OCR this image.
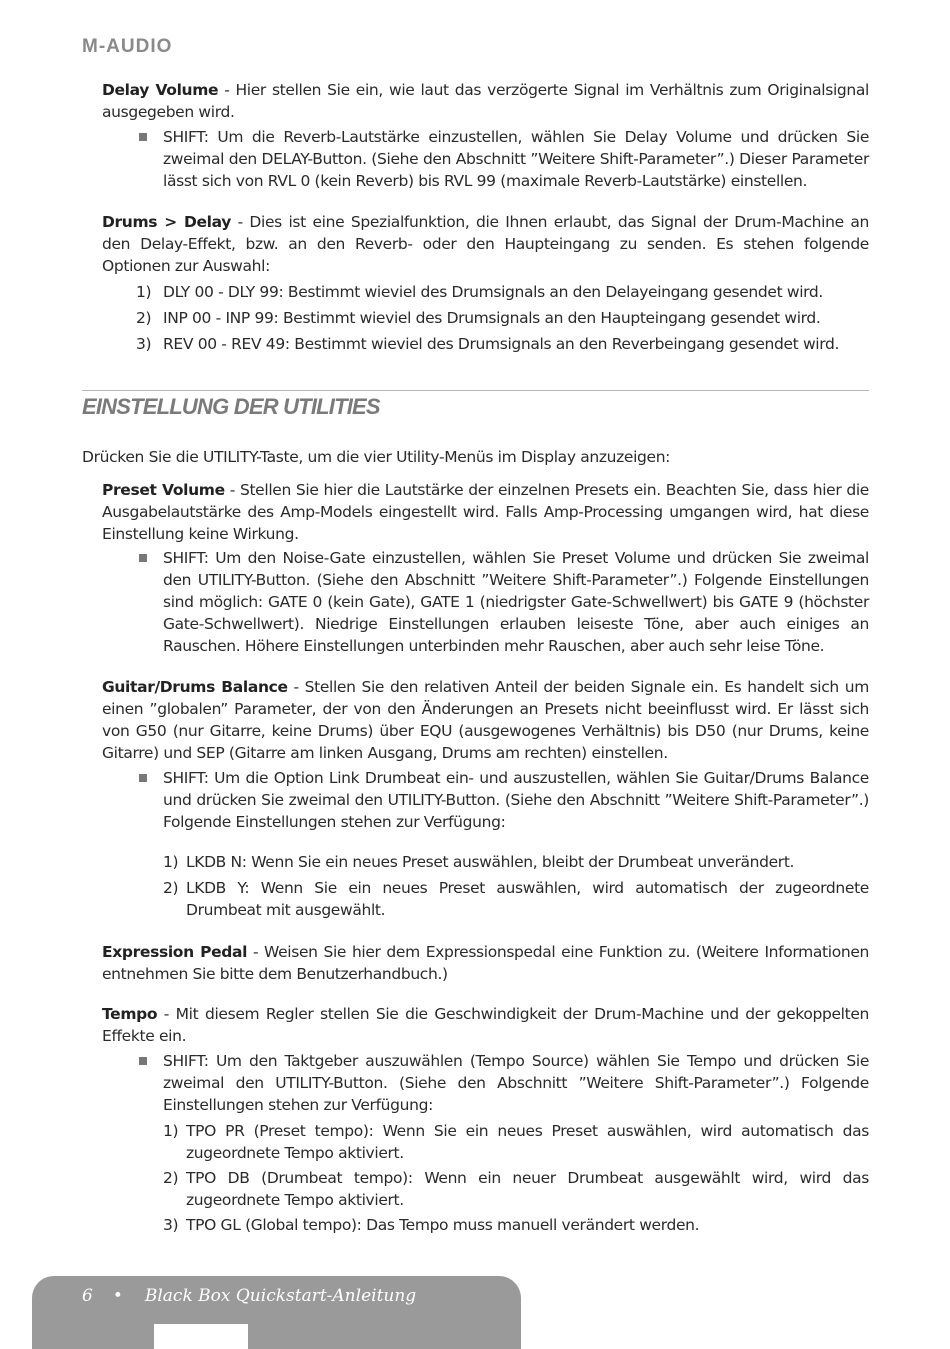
M-AUDIO

Delay Volume - Hier stellen Sie ein, wie laut das verzögerte Signal im Verhältnis zum Originalsignal ausgegeben wird.

SHIFT: Um die Reverb-Lautstärke einzustellen, wählen Sie Delay Volume und drücken Sie zweimal den DELAY-Button. (Siehe den Abschnitt ”Weitere Shift-Parameter”.) Dieser Parameter lässt sich von RVL 0 (kein Reverb) bis RVL 99 (maximale Reverb-Lautstärke) einstellen.

Drums > Delay - Dies ist eine Spezialfunktion, die Ihnen erlaubt, das Signal der Drum-Machine an den Delay-Effekt, bzw. an den Reverb- oder den Haupteingang zu senden. Es stehen folgende Optionen zur Auswahl:

1) DLY 00 - DLY 99: Bestimmt wieviel des Drumsignals an den Delayeingang gesendet wird.

2) INP 00 - INP 99: Bestimmt wieviel des Drumsignals an den Haupteingang gesendet wird.

3) REV 00 - REV 49: Bestimmt wieviel des Drumsignals an den Reverbeingang gesendet wird.

EINSTELLUNG DER UTILITIES

Drücken Sie die UTILITY-Taste, um die vier Utility-Menüs im Display anzuzeigen:

Preset Volume - Stellen Sie hier die Lautstärke der einzelnen Presets ein. Beachten Sie, dass hier die Ausgabelautstärke des Amp-Models eingestellt wird. Falls Amp-Processing umgangen wird, hat diese Einstellung keine Wirkung.

SHIFT: Um den Noise-Gate einzustellen, wählen Sie Preset Volume und drücken Sie zweimal den UTILITY-Button. (Siehe den Abschnitt ”Weitere Shift-Parameter”.) Folgende Einstellungen sind möglich: GATE 0 (kein Gate), GATE 1 (niedrigster Gate-Schwellwert) bis GATE 9 (höchster Gate-Schwellwert). Niedrige Einstellungen erlauben leiseste Töne, aber auch einiges an Rauschen. Höhere Einstellungen unterbinden mehr Rauschen, aber auch sehr leise Töne.

Guitar/Drums Balance - Stellen Sie den relativen Anteil der beiden Signale ein. Es handelt sich um einen ”globalen” Parameter, der von den Änderungen an Presets nicht beeinflusst wird. Er lässt sich von G50 (nur Gitarre, keine Drums) über EQU (ausgewogenes Verhältnis) bis D50 (nur Drums, keine Gitarre) und SEP (Gitarre am linken Ausgang, Drums am rechten) einstellen.

SHIFT: Um die Option Link Drumbeat ein- und auszustellen, wählen Sie Guitar/Drums Balance und drücken Sie zweimal den UTILITY-Button. (Siehe den Abschnitt ”Weitere Shift-Parameter”.) Folgende Einstellungen stehen zur Verfügung:

1) LKDB N: Wenn Sie ein neues Preset auswählen, bleibt der Drumbeat unverändert.

2) LKDB Y: Wenn Sie ein neues Preset auswählen, wird automatisch der zugeordnete Drumbeat mit ausgewählt.

Expression Pedal - Weisen Sie hier dem Expressionspedal eine Funktion zu. (Weitere Informationen entnehmen Sie bitte dem Benutzerhandbuch.)

Tempo - Mit diesem Regler stellen Sie die Geschwindigkeit der Drum-Machine und der gekoppelten Effekte ein.

SHIFT: Um den Taktgeber auszuwählen (Tempo Source) wählen Sie Tempo und drücken Sie zweimal den UTILITY-Button. (Siehe den Abschnitt ”Weitere Shift-Parameter”.) Folgende Einstellungen stehen zur Verfügung:

1) TPO PR (Preset tempo): Wenn Sie ein neues Preset auswählen, wird automatisch das zugeordnete Tempo aktiviert.

2) TPO DB (Drumbeat tempo): Wenn ein neuer Drumbeat ausgewählt wird, wird das zugeordnete Tempo aktiviert.

3) TPO GL (Global tempo): Das Tempo muss manuell verändert werden.

6 • Black Box Quickstart-Anleitung
